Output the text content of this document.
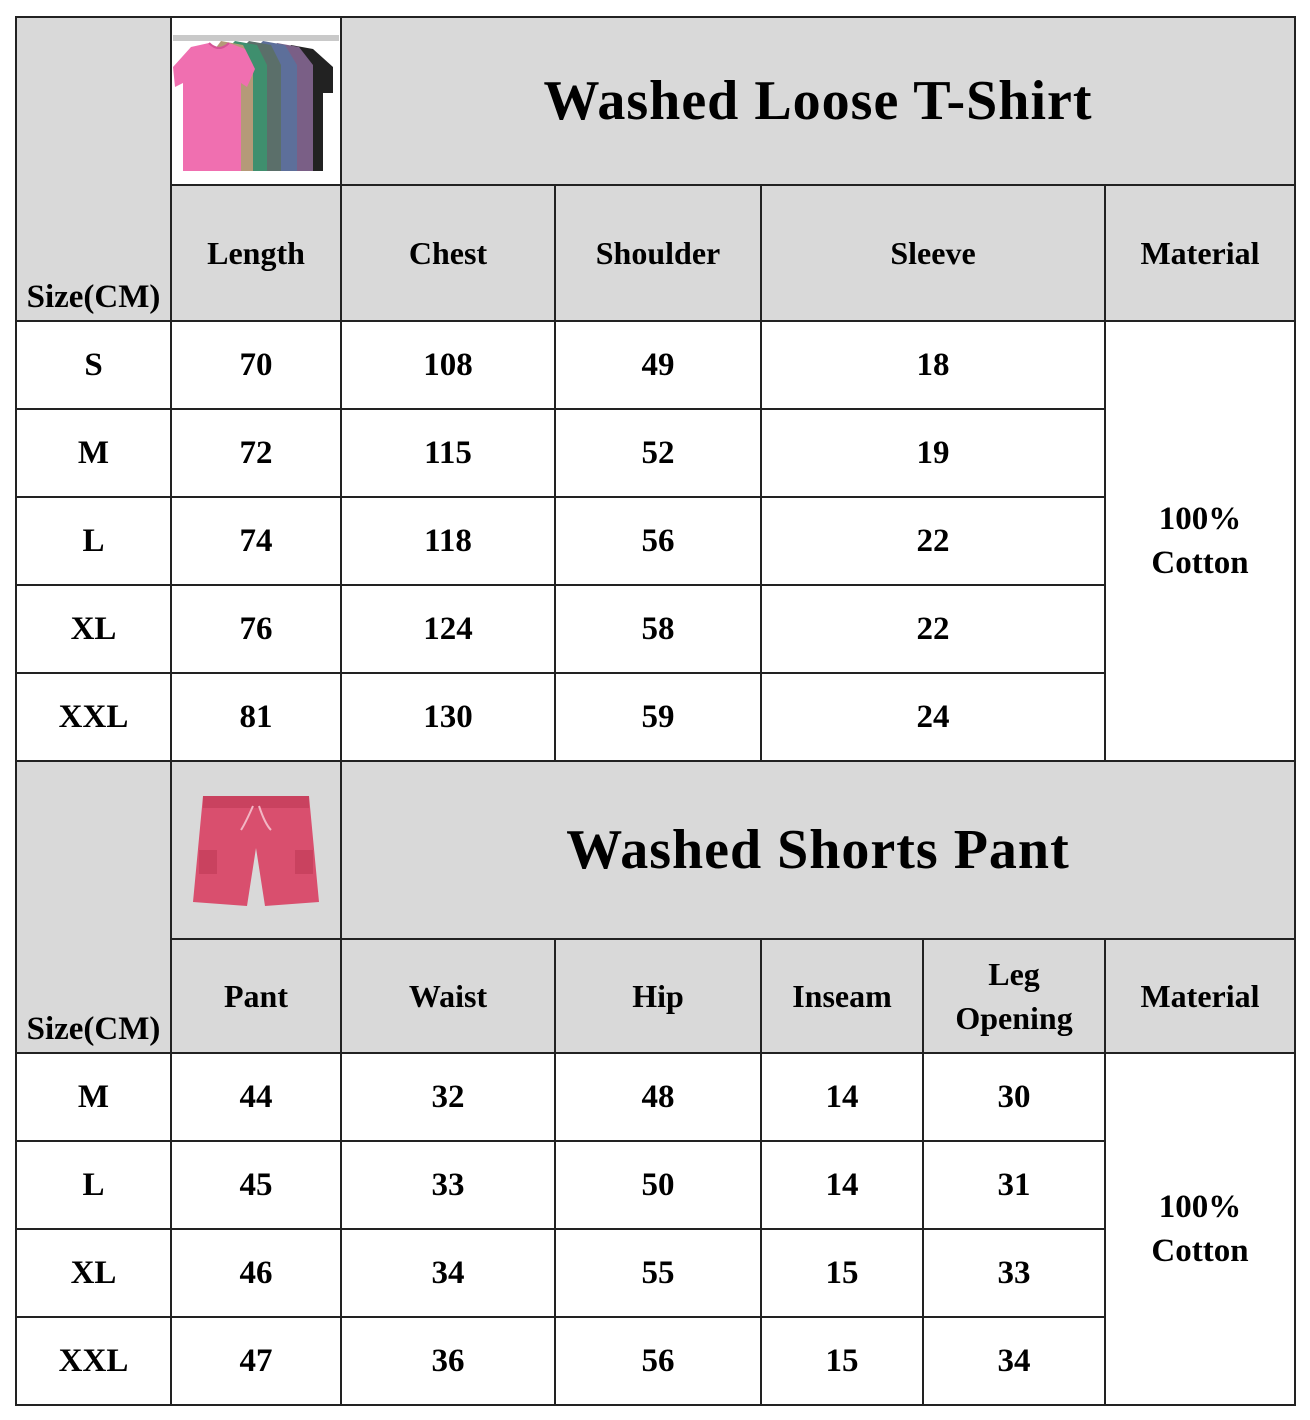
Size(CM)		Washed Loose T-Shirt				
	Length	Chest	Shoulder	Sleeve		Material
S	70	108	49	18		100%
Cotton

M	72	115	52	19		
L	74	118	56	22		
XL	76	124	58	22		
XXL	81	130	59	24		

Size(CM)		Washed Shorts Pant				
	Pant	Waist	Hip	Inseam	Leg
Opening	Material
M	44	32	48	14	30	100%
Cotton

L	45	33	50	14	31	
XL	46	34	55	15	33	
XXL	47	36	56	15	34	
